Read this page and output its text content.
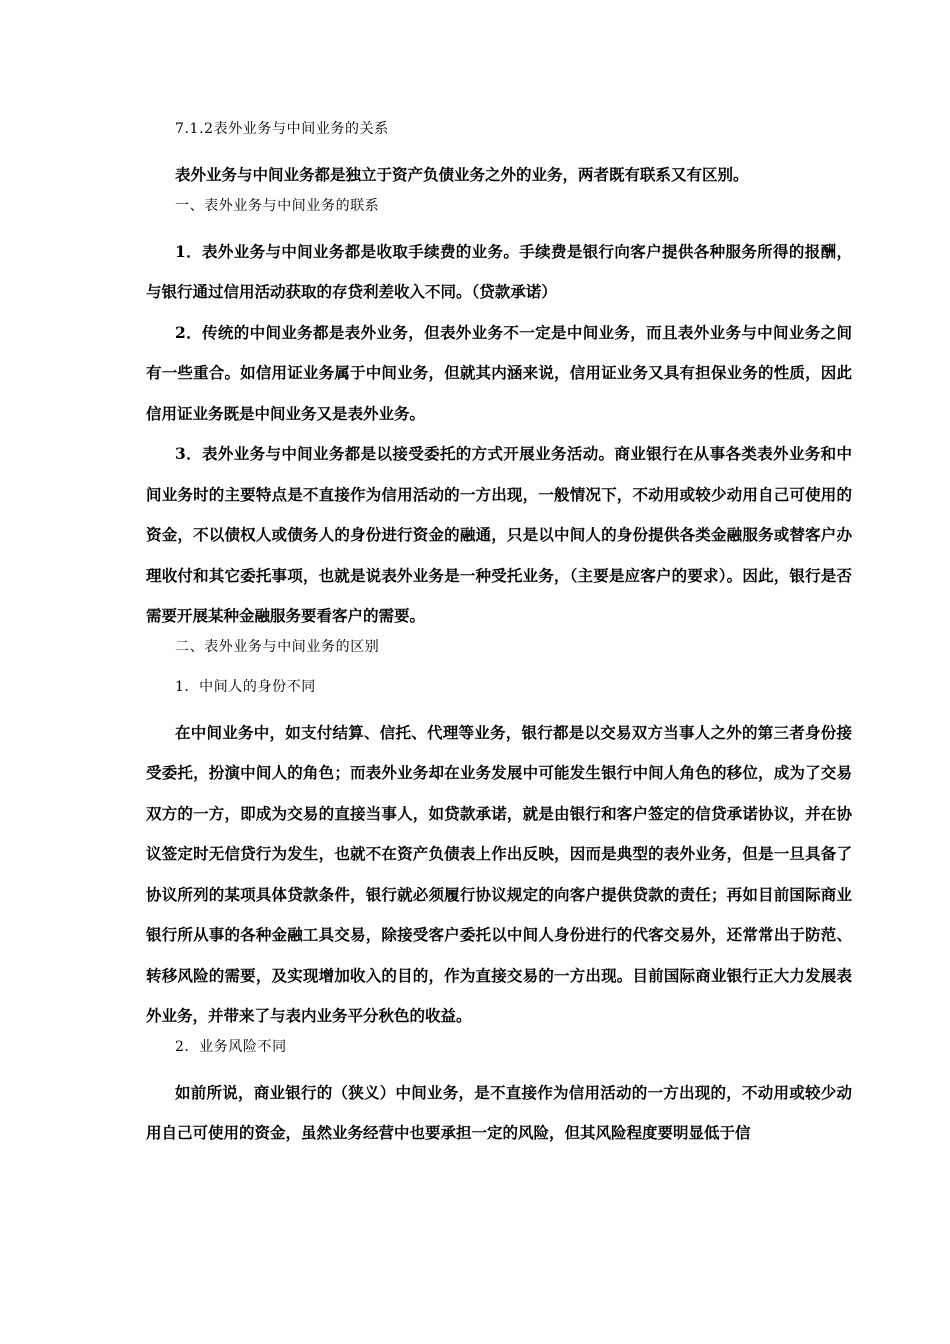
7.1.2表外业务与中间业务的关系

表外业务与中间业务都是独立于资产负债业务之外的业务，两者既有联系又有区别。

一、表外业务与中间业务的联系

1．表外业务与中间业务都是收取手续费的业务。手续费是银行向客户提供各种服务所得的报酬，与银行通过信用活动获取的存贷利差收入不同。（贷款承诺）

2．传统的中间业务都是表外业务，但表外业务不一定是中间业务，而且表外业务与中间业务之间有一些重合。如信用证业务属于中间业务，但就其内涵来说，信用证业务又具有担保业务的性质，因此信用证业务既是中间业务又是表外业务。

3．表外业务与中间业务都是以接受委托的方式开展业务活动。商业银行在从事各类表外业务和中间业务时的主要特点是不直接作为信用活动的一方出现，一般情况下，不动用或较少动用自己可使用的资金，不以债权人或债务人的身份进行资金的融通，只是以中间人的身份提供各类金融服务或替客户办理收付和其它委托事项，也就是说表外业务是一种受托业务，（主要是应客户的要求）。因此，银行是否需要开展某种金融服务要看客户的需要。

二、表外业务与中间业务的区别

1．中间人的身份不同

在中间业务中，如支付结算、信托、代理等业务，银行都是以交易双方当事人之外的第三者身份接受委托，扮演中间人的角色；而表外业务却在业务发展中可能发生银行中间人角色的移位，成为了交易双方的一方，即成为交易的直接当事人，如贷款承诺，就是由银行和客户签定的信贷承诺协议，并在协议签定时无信贷行为发生，也就不在资产负债表上作出反映，因而是典型的表外业务，但是一旦具备了协议所列的某项具体贷款条件，银行就必须履行协议规定的向客户提供贷款的责任；再如目前国际商业银行所从事的各种金融工具交易，除接受客户委托以中间人身份进行的代客交易外，还常常出于防范、转移风险的需要，及实现增加收入的目的，作为直接交易的一方出现。目前国际商业银行正大力发展表外业务，并带来了与表内业务平分秋色的收益。

2．业务风险不同

如前所说，商业银行的（狭义）中间业务，是不直接作为信用活动的一方出现的，不动用或较少动用自己可使用的资金，虽然业务经营中也要承担一定的风险，但其风险程度要明显低于信
